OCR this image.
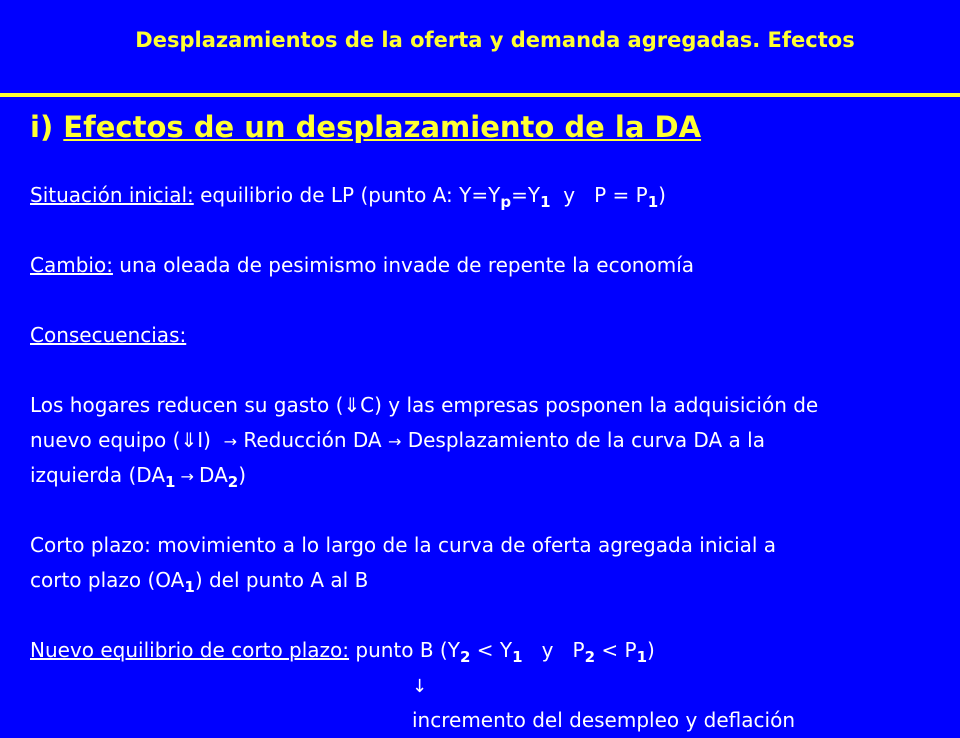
Desplazamientos de la oferta y demanda agregadas. Efectos
i) Efectos de un desplazamiento de la DA
Situación inicial: equilibrio de LP (punto A: $Y=Y_p=Y_1$  y   $P = P_1$)
Cambio: una oleada de pesimismo invade de repente la economía
Consecuencias:
Los hogares reducen su gasto (⇓C) y las empresas posponen la adquisición de
nuevo equipo (⇓I)  → Reducción DA → Desplazamiento de la curva DA a la
izquierda $(DA_1 \to DA_2)$
Corto plazo: movimiento a lo largo de la curva de oferta agregada inicial a
corto plazo $(OA_1)$ del punto A al B
Nuevo equilibrio de corto plazo: punto B ($Y_2 < Y_1$   y   $P_2 < P_1$)
↓
incremento del desempleo y deflación
